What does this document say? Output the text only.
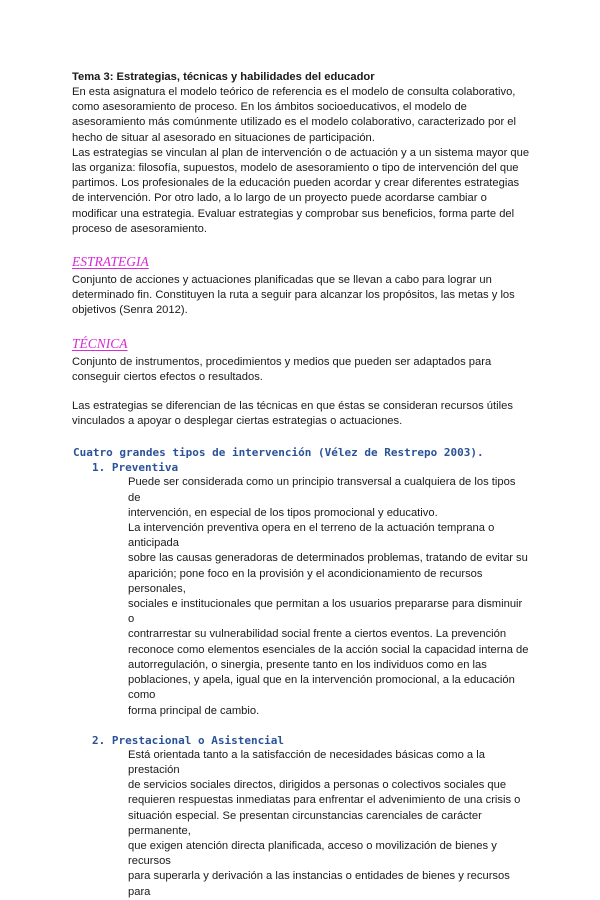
Tema 3: Estrategias, técnicas y habilidades del educador

En esta asignatura el modelo teórico de referencia es el modelo de consulta colaborativo,

como asesoramiento de proceso. En los ámbitos socioeducativos, el modelo de

asesoramiento más comúnmente utilizado es el modelo colaborativo, caracterizado por el

hecho de situar al asesorado en situaciones de participación.

Las estrategias se vinculan al plan de intervención o de actuación y a un sistema mayor que

las organiza: filosofía, supuestos, modelo de asesoramiento o tipo de intervención del que

partimos. Los profesionales de la educación pueden acordar y crear diferentes estrategias

de intervención. Por otro lado, a lo largo de un proyecto puede acordarse cambiar o

modificar una estrategia. Evaluar estrategias y comprobar sus beneficios, forma parte del

proceso de asesoramiento.

ESTRATEGIA

Conjunto de acciones y actuaciones planificadas que se llevan a cabo para lograr un

determinado fin. Constituyen la ruta a seguir para alcanzar los propósitos, las metas y los

objetivos (Senra 2012).

TÉCNICA

Conjunto de instrumentos, procedimientos y medios que pueden ser adaptados para

conseguir ciertos efectos o resultados.

Las estrategias se diferencian de las técnicas en que éstas se consideran recursos útiles

vinculados a apoyar o desplegar ciertas estrategias o actuaciones.

Cuatro grandes tipos de intervención (Vélez de Restrepo 2003).

1. Preventiva

Puede ser considerada como un principio transversal a cualquiera de los tipos de

intervención, en especial de los tipos promocional y educativo.

La intervención preventiva opera en el terreno de la actuación temprana o anticipada

sobre las causas generadoras de determinados problemas, tratando de evitar su

aparición; pone foco en la provisión y el acondicionamiento de recursos personales,

sociales e institucionales que permitan a los usuarios prepararse para disminuir o

contrarrestar su vulnerabilidad social frente a ciertos eventos. La prevención

reconoce como elementos esenciales de la acción social la capacidad interna de

autorregulación, o sinergia, presente tanto en los individuos como en las

poblaciones, y apela, igual que en la intervención promocional, a la educación como

forma principal de cambio.

2. Prestacional o Asistencial

Está orientada tanto a la satisfacción de necesidades básicas como a la prestación

de servicios sociales directos, dirigidos a personas o colectivos sociales que

requieren respuestas inmediatas para enfrentar el advenimiento de una crisis o

situación especial. Se presentan circunstancias carenciales de carácter permanente,

que exigen atención directa planificada, acceso o movilización de bienes y recursos

para superarla y derivación a las instancias o entidades de bienes y recursos para
